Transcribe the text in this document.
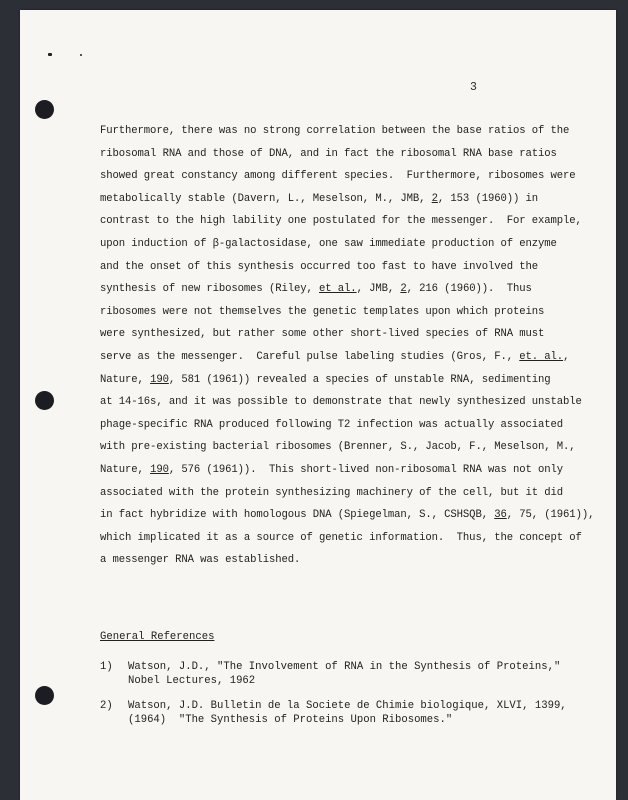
3
Furthermore, there was no strong correlation between the base ratios of the
ribosomal RNA and those of DNA, and in fact the ribosomal RNA base ratios
showed great constancy among different species.  Furthermore, ribosomes were
metabolically stable (Davern, L., Meselson, M., JMB, 2, 153 (1960)) in
contrast to the high lability one postulated for the messenger.  For example,
upon induction of β-galactosidase, one saw immediate production of enzyme
and the onset of this synthesis occurred too fast to have involved the
synthesis of new ribosomes (Riley, et al., JMB, 2, 216 (1960)).  Thus
ribosomes were not themselves the genetic templates upon which proteins
were synthesized, but rather some other short-lived species of RNA must
serve as the messenger.  Careful pulse labeling studies (Gros, F., et. al.,
Nature, 190, 581 (1961)) revealed a species of unstable RNA, sedimenting
at 14-16s, and it was possible to demonstrate that newly synthesized unstable
phage-specific RNA produced following T2 infection was actually associated
with pre-existing bacterial ribosomes (Brenner, S., Jacob, F., Meselson, M.,
Nature, 190, 576 (1961)).  This short-lived non-ribosomal RNA was not only
associated with the protein synthesizing machinery of the cell, but it did
in fact hybridize with homologous DNA (Spiegelman, S., CSHSQB, 36, 75, (1961)),
which implicated it as a source of genetic information.  Thus, the concept of
a messenger RNA was established.
General References
1) Watson, J.D., "The Involvement of RNA in the Synthesis of Proteins,"
Nobel Lectures, 1962
2) Watson, J.D. Bulletin de la Societe de Chimie biologique, XLVI, 1399,
(1964)  "The Synthesis of Proteins Upon Ribosomes."
